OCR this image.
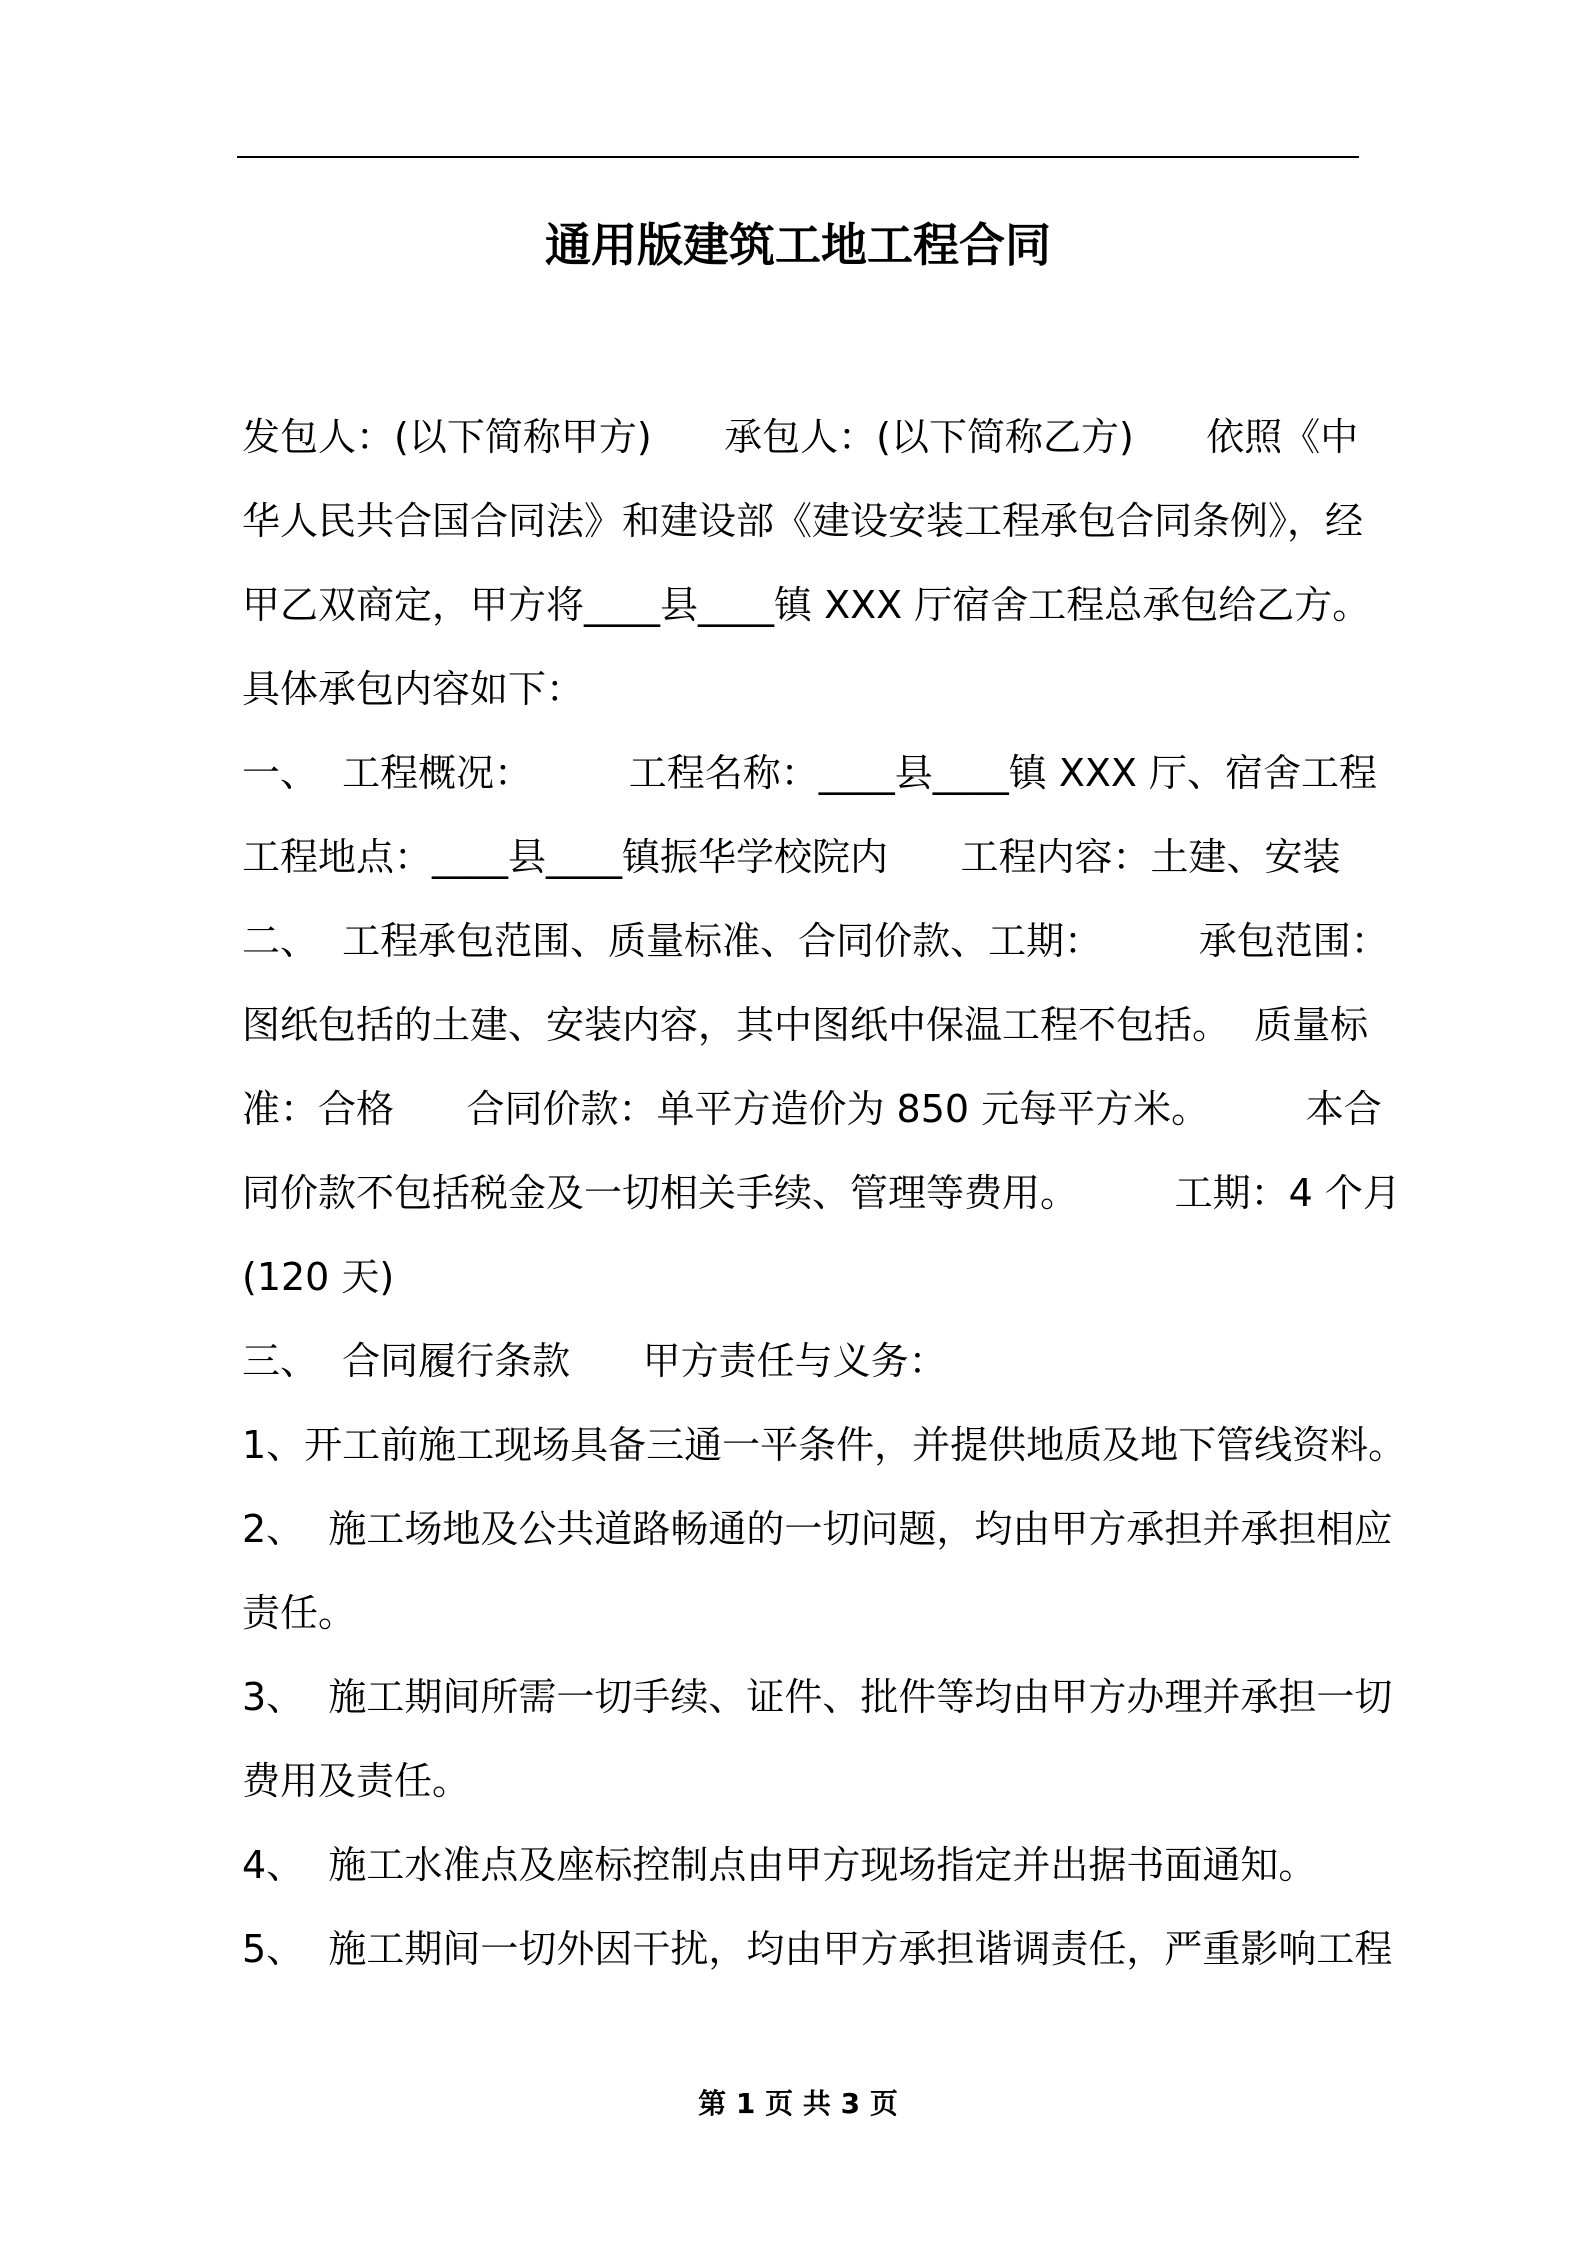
通用版建筑工地工程合同
发包人：(以下简称甲方)      承包人：(以下简称乙方)      依照《中
华人民共合国合同法》和建设部《建设安装工程承包合同条例》，经
甲乙双商定，甲方将____县____镇 XXX 厅宿舍工程总承包给乙方。
具体承包内容如下：
一、  工程概况：        工程名称：____县____镇 XXX 厅、宿舍工程
工程地点：____县____镇振华学校院内      工程内容：土建、安装
二、  工程承包范围、质量标准、合同价款、工期：        承包范围：
图纸包括的土建、安装内容，其中图纸中保温工程不包括。  质量标
准：合格      合同价款：单平方造价为 850 元每平方米。        本合
同价款不包括税金及一切相关手续、管理等费用。        工期：4 个月
(120 天)
三、  合同履行条款      甲方责任与义务：
1、开工前施工现场具备三通一平条件，并提供地质及地下管线资料。
2、  施工场地及公共道路畅通的一切问题，均由甲方承担并承担相应
责任。
3、  施工期间所需一切手续、证件、批件等均由甲方办理并承担一切
费用及责任。
4、  施工水准点及座标控制点由甲方现场指定并出据书面通知。
5、  施工期间一切外因干扰，均由甲方承担谐调责任，严重影响工程
第 1 页 共 3 页
